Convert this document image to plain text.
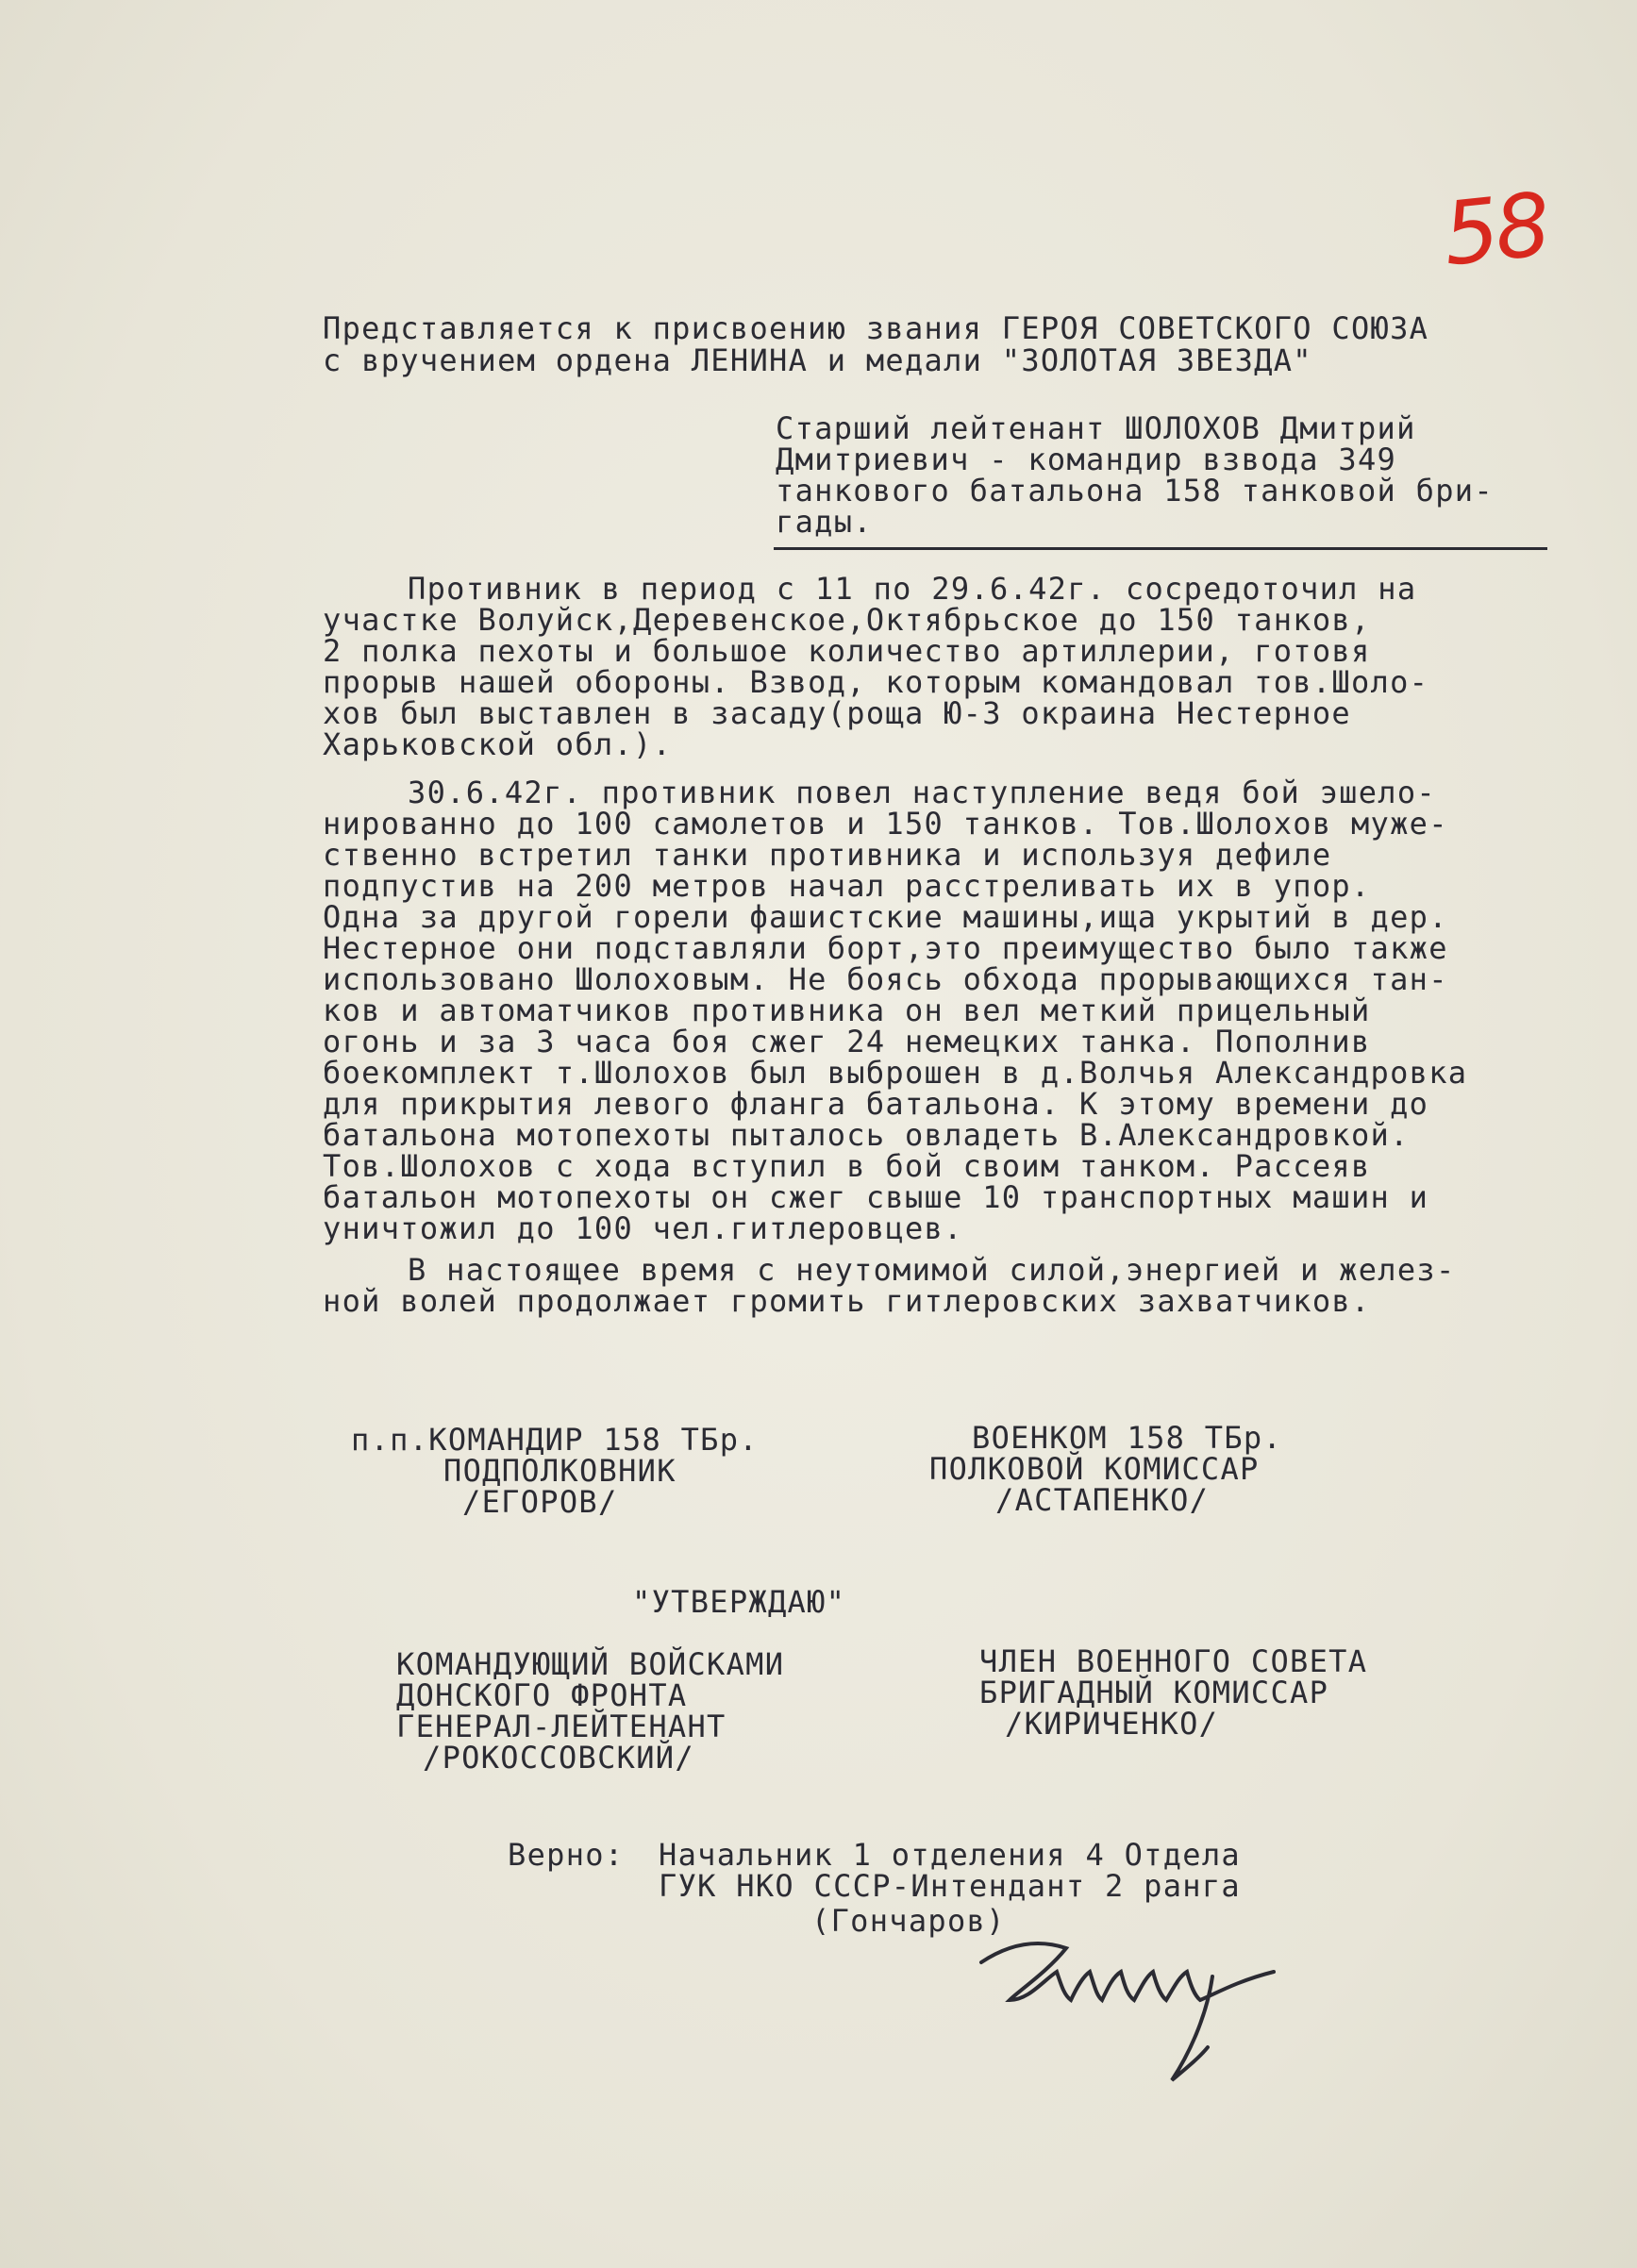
58
Представляется к присвоению звания ГЕРОЯ СОВЕТСКОГО СОЮЗА
с вручением ордена ЛЕНИНА и медали "ЗОЛОТАЯ ЗВЕЗДА"
Старший лейтенант ШОЛОХОВ Дмитрий
Дмитриевич - командир взвода 349
танкового батальона 158 танковой бри-
гады.
Противник в период с 11 по 29.6.42г. сосредоточил на
участке Волуйск,Деревенское,Октябрьское до 150 танков,
2 полка пехоты и большое количество артиллерии, готовя
прорыв нашей обороны. Взвод, которым командовал тов.Шоло-
хов был выставлен в засаду(роща Ю-З окраина Нестерное
Харьковской обл.).
30.6.42г. противник повел наступление ведя бой эшело-
нированно до 100 самолетов и 150 танков. Тов.Шолохов муже-
ственно встретил танки противника и используя дефиле
подпустив на 200 метров начал расстреливать их в упор.
Одна за другой горели фашистские машины,ища укрытий в дер.
Нестерное они подставляли борт,это преимущество было также
использовано Шолоховым. Не боясь обхода прорывающихся тан-
ков и автоматчиков противника он вел меткий прицельный
огонь и за 3 часа боя сжег 24 немецких танка. Пополнив
боекомплект т.Шолохов был выброшен в д.Волчья Александровка
для прикрытия левого фланга батальона. К этому времени до
батальона мотопехоты пыталось овладеть В.Александровкой.
Тов.Шолохов с хода вступил в бой своим танком. Рассеяв
батальон мотопехоты он сжег свыше 10 транспортных машин и
уничтожил до 100 чел.гитлеровцев.
В настоящее время с неутомимой силой,энергией и желез-
ной волей продолжает громить гитлеровских захватчиков.
п.п.КОМАНДИР 158 ТБр.
ПОДПОЛКОВНИК
/ЕГОРОВ/
ВОЕНКОМ 158 ТБр.
ПОЛКОВОЙ КОМИССАР
/АСТАПЕНКО/
"УТВЕРЖДАЮ"
КОМАНДУЮЩИЙ ВОЙСКАМИ
ДОНСКОГО ФРОНТА
ГЕНЕРАЛ-ЛЕЙТЕНАНТ
/РОКОССОВСКИЙ/
ЧЛЕН ВОЕННОГО СОВЕТА
БРИГАДНЫЙ КОМИССАР
/КИРИЧЕНКО/
Верно: Начальник 1 отделения 4 Отдела
ГУК НКО СССР-Интендант 2 ранга
(Гончаров)
